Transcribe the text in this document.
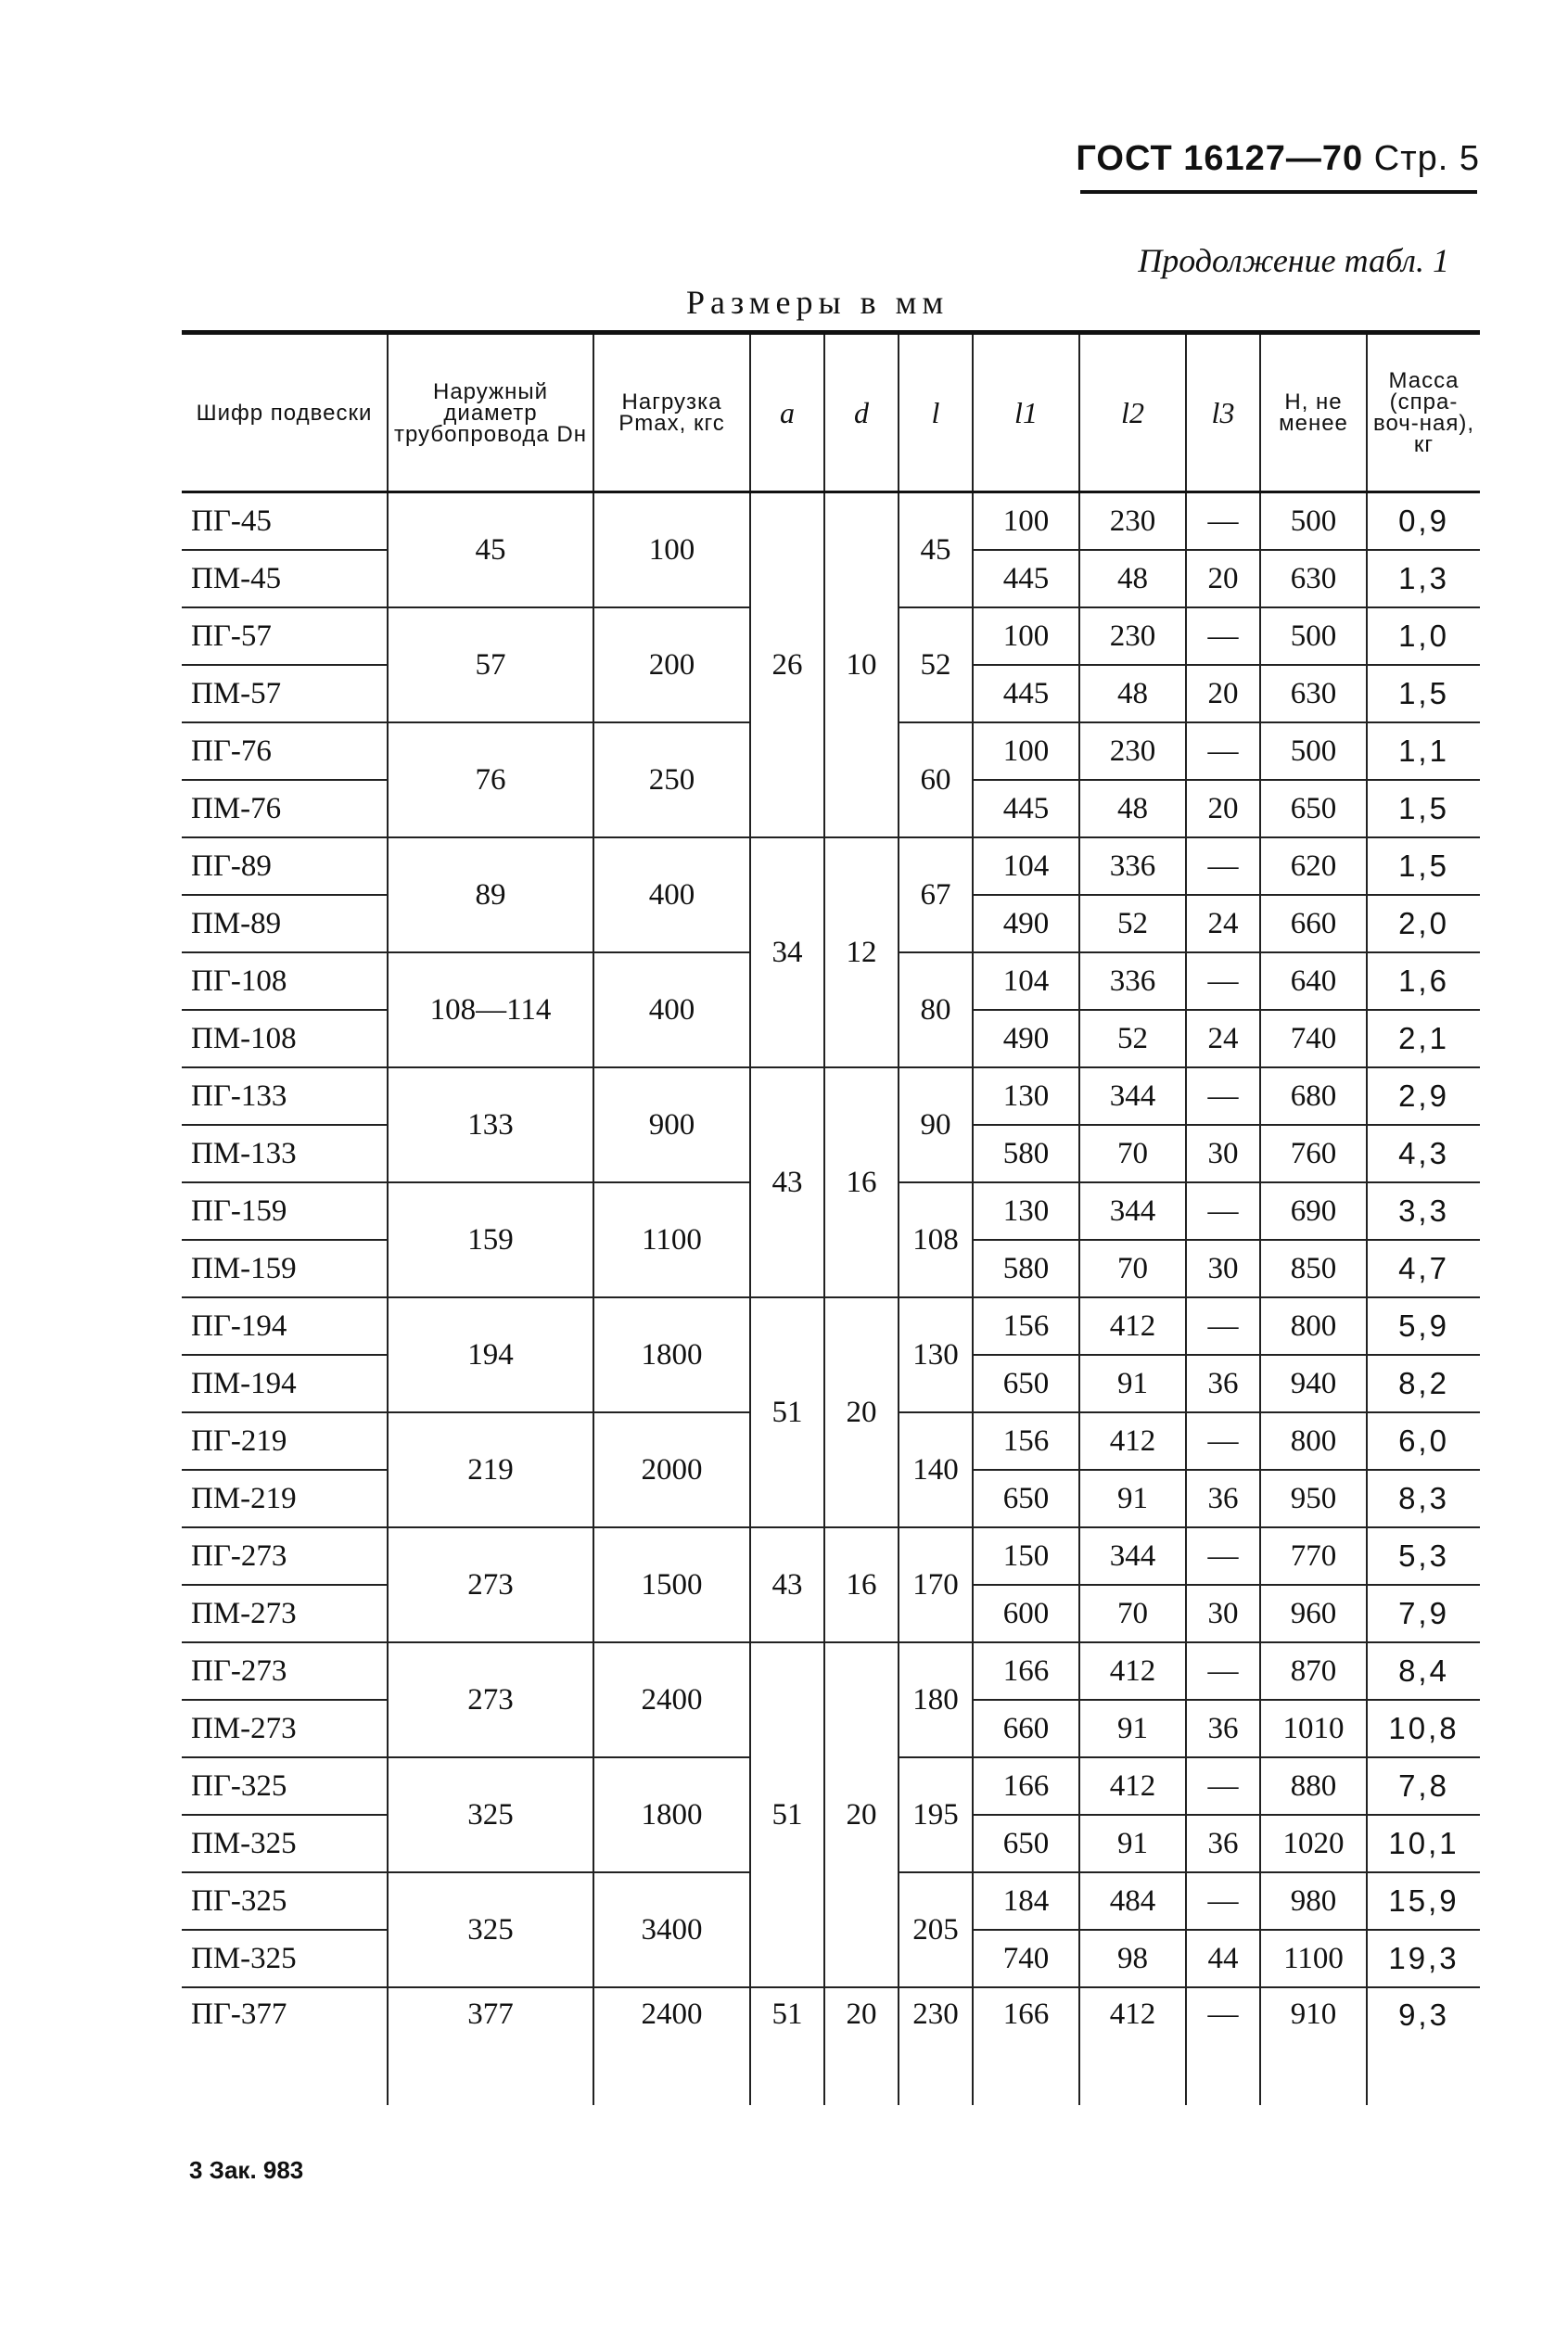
ГОСТ 16127—70 Стр. 5
Продолжение табл. 1
Размеры в мм
Шифр подвески	Наружный диаметр трубопровода Dн	Нагрузка Pmax, кгс	a	d	l	l1	l2	l3	H, не менее	Масса (спра-воч-ная), кг
ПГ-45	45	100	26	10	45	100	230	—	500	0,9
ПМ-45						445	48	20	630	1,3
ПГ-57	57	200			52	100	230	—	500	1,0
ПМ-57						445	48	20	630	1,5
ПГ-76	76	250			60	100	230	—	500	1,1
ПМ-76						445	48	20	650	1,5
ПГ-89	89	400	34	12	67	104	336	—	620	1,5
ПМ-89						490	52	24	660	2,0
ПГ-108	108—114	400			80	104	336	—	640	1,6
ПМ-108						490	52	24	740	2,1
ПГ-133	133	900	43	16	90	130	344	—	680	2,9
ПМ-133						580	70	30	760	4,3
ПГ-159	159	1100			108	130	344	—	690	3,3
ПМ-159						580	70	30	850	4,7
ПГ-194	194	1800	51	20	130	156	412	—	800	5,9
ПМ-194						650	91	36	940	8,2
ПГ-219	219	2000			140	156	412	—	800	6,0
ПМ-219						650	91	36	950	8,3
ПГ-273	273	1500	43	16	170	150	344	—	770	5,3
ПМ-273						600	70	30	960	7,9
ПГ-273	273	2400	51	20	180	166	412	—	870	8,4
ПМ-273						660	91	36	1010	10,8
ПГ-325	325	1800			195	166	412	—	880	7,8
ПМ-325						650	91	36	1020	10,1
ПГ-325	325	3400			205	184	484	—	980	15,9
ПМ-325						740	98	44	1100	19,3
ПГ-377	377	2400	51	20	230	166	412	—	910	9,3
3 Зак. 983
